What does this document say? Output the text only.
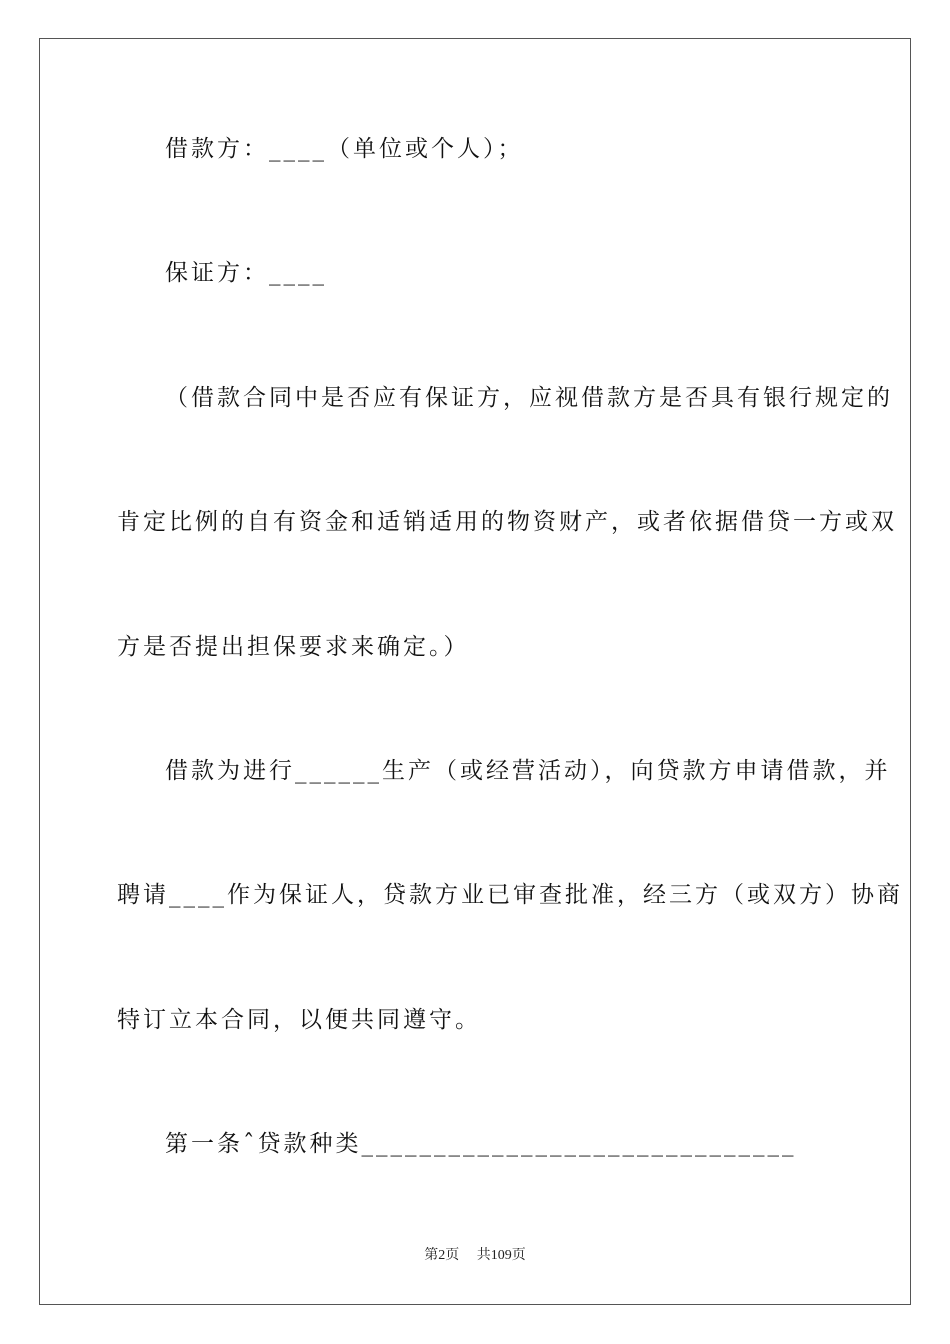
借款方：____（单位或个人）；
保证方：____
（借款合同中是否应有保证方，应视借款方是否具有银行规定的
肯定比例的自有资金和适销适用的物资财产，或者依据借贷一方或双
方是否提出担保要求来确定。）
借款为进行______生产（或经营活动），向贷款方申请借款，并
聘请____作为保证人，贷款方业已审查批准，经三方（或双方）协商
特订立本合同，以便共同遵守。
第一条ˆ贷款种类______________________________
第2页 共109页
